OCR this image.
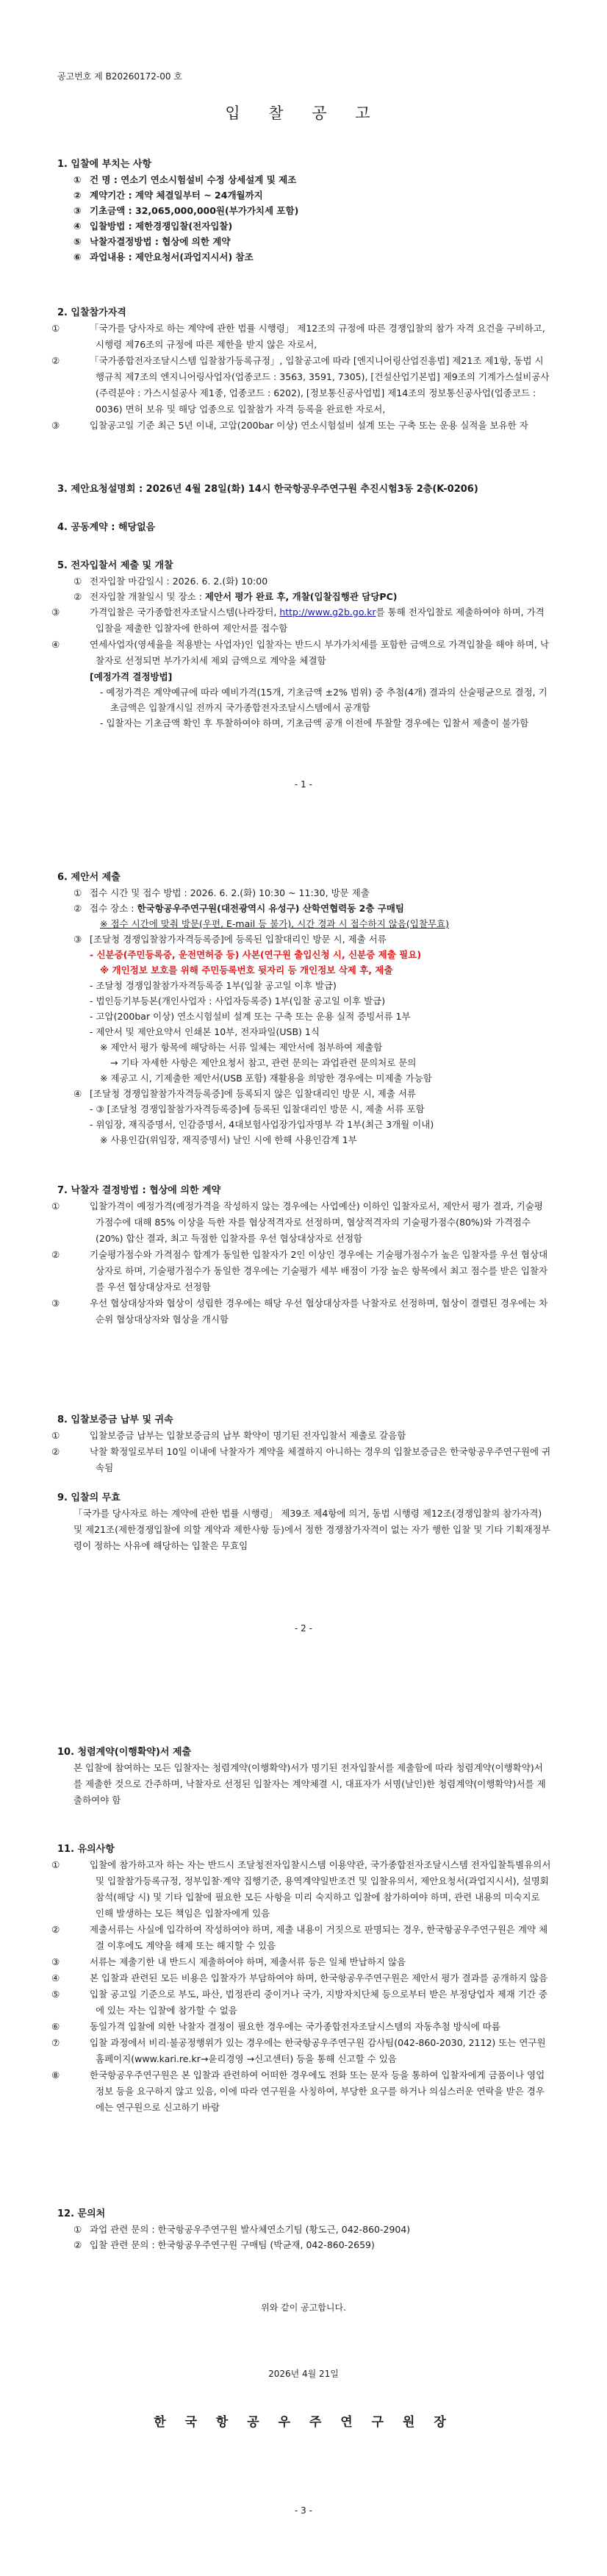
공고번호 제 B20260172-00 호
입 찰 공 고

1. 입찰에 부치는 사항

① 건 명 : 연소기 연소시험설비 수정 상세설계 및 제조

② 계약기간 : 계약 체결일부터 ~ 24개월까지

③ 기초금액 : 32,065,000,000원(부가가치세 포함)

④ 입찰방법 : 제한경쟁입찰(전자입찰)

⑤ 낙찰자결정방법 : 협상에 의한 계약

⑥ 과업내용 : 제안요청서(과업지시서) 참조

2. 입찰참가자격

①	「국가를 당사자로 하는 계약에 관한 법률 시행령」 제12조의 규정에 따른 경쟁입찰의 참가 자격 요건을 구비하고, 시행령 제76조의 규정에 따른 제한을 받지 않은 자로서,

②	「국가종합전자조달시스템 입찰참가등록규정」, 입찰공고에 따라 [엔지니어링산업진흥법] 제21조 제1항, 동법 시행규칙 제7조의 엔지니어링사업자(업종코드 : 3563, 3591, 7305), [건설산업기본법] 제9조의 기계가스설비공사(주력분야 : 가스시설공사 제1종, 업종코드 : 6202), [정보통신공사업법] 제14조의 정보통신공사업(업종코드 : 0036) 면허 보유 및 해당 업종으로 입찰참가 자격 등록을 완료한 자로서,

③	입찰공고일 기준 최근 5년 이내, 고압(200bar 이상) 연소시험설비 설계 또는 구축 또는 운용 실적을 보유한 자

3. 제안요청설명회 : 2026년 4월 28일(화) 14시 한국항공우주연구원 추진시험3동 2층(K-0206)

4. 공동계약 : 해당없음

5. 전자입찰서 제출 및 개찰

① 전자입찰 마감일시 : 2026. 6. 2.(화) 10:00

② 전자입찰 개찰일시 및 장소 : 제안서 평가 완료 후, 개찰(입찰집행관 담당PC)

③	가격입찰은 국가종합전자조달시스템(나라장터, http://www.g2b.go.kr를 통해 전자입찰로 제출하여야 하며, 가격입찰을 제출한 입찰자에 한하여 제안서를 접수함

④	연세사업자(영세율을 적용받는 사업자)인 입찰자는 반드시 부가가치세를 포함한 금액으로 가격입찰을 해야 하며, 낙찰자로 선정되면 부가가치세 제외 금액으로 계약을 체결함

[예정가격 결정방법]

- 예정가격은 계약예규에 따라 예비가격(15개, 기초금액 ±2% 범위) 중 추첨(4개) 결과의 산술평균으로 결정, 기초금액은 입찰개시일 전까지 국가종합전자조달시스템에서 공개함

- 입찰자는 기초금액 확인 후 투찰하여야 하며, 기초금액 공개 이전에 투찰할 경우에는 입찰서 제출이 불가함

- 1 -

6. 제안서 제출

① 접수 시간 및 접수 방법 : 2026. 6. 2.(화) 10:30 ~ 11:30, 방문 제출

② 접수 장소 : 한국항공우주연구원(대전광역시 유성구) 산학연협력동 2층 구매팀

※ 접수 시간에 맞춰 방문(우편, E-mail 등 불가), 시간 경과 시 접수하지 않음(입찰무효)

③ [조달청 경쟁입찰참가자격등록증]에 등록된 입찰대리인 방문 시, 제출 서류

- 신분증(주민등록증, 운전면허증 등) 사본(연구원 출입신청 시, 신분증 제출 필요)

※ 개인정보 보호를 위해 주민등록번호 뒷자리 등 개인정보 삭제 후, 제출

- 조달청 경쟁입찰참가자격등록증 1부(입찰 공고일 이후 발급)

- 법인등기부등본(개인사업자 : 사업자등록증) 1부(입찰 공고일 이후 발급)

- 고압(200bar 이상) 연소시험설비 설계 또는 구축 또는 운용 실적 증빙서류 1부

- 제안서 및 제안요약서 인쇄본 10부, 전자파일(USB) 1식

※ 제안서 평가 항목에 해당하는 서류 일체는 제안서에 첨부하여 제출함

→ 기타 자세한 사항은 제안요청서 참고, 관련 문의는 과업관련 문의처로 문의

※ 제공고 시, 기제출한 제안서(USB 포함) 재활용을 희망한 경우에는 미제출 가능함

④ [조달청 경쟁입찰참가자격등록증]에 등록되지 않은 입찰대리인 방문 시, 제출 서류

- ③ [조달청 경쟁입찰참가자격등록증]에 등록된 입찰대리인 방문 시, 제출 서류 포함

- 위임장, 재직증명서, 인감증명서, 4대보험사업장가입자명부 각 1부(최근 3개월 이내)

※ 사용인감(위임장, 재직증명서) 날인 시에 한해 사용인감계 1부

7. 낙찰자 결정방법 : 협상에 의한 계약

①	입찰가격이 예정가격(예정가격을 작성하지 않는 경우에는 사업예산) 이하인 입찰자로서, 제안서 평가 결과, 기술평가점수에 대해 85% 이상을 득한 자를 협상적격자로 선정하며, 협상적격자의 기술평가점수(80%)와 가격점수(20%) 합산 결과, 최고 득점한 입찰자를 우선 협상대상자로 선정함

②	기술평가점수와 가격점수 합계가 동일한 입찰자가 2인 이상인 경우에는 기술평가점수가 높은 입찰자를 우선 협상대상자로 하며, 기술평가점수가 동일한 경우에는 기술평가 세부 배점이 가장 높은 항목에서 최고 점수를 받은 입찰자를 우선 협상대상자로 선정함

③	우선 협상대상자와 협상이 성립한 경우에는 해당 우선 협상대상자를 낙찰자로 선정하며, 협상이 결렬된 경우에는 차순위 협상대상자와 협상을 개시함

8. 입찰보증금 납부 및 귀속

①	입찰보증금 납부는 입찰보증금의 납부 확약이 명기된 전자입찰서 제출로 갈음함

②	낙찰 확정일로부터 10일 이내에 낙찰자가 계약을 체결하지 아니하는 경우의 입찰보증금은 한국항공우주연구원에 귀속됨

9. 입찰의 무효

「국가를 당사자로 하는 계약에 관한 법률 시행령」 제39조 제4항에 의거, 동법 시행령 제12조(경쟁입찰의 참가자격) 및 제21조(제한경쟁입찰에 의할 계약과 제한사항 등)에서 정한 경쟁참가자격이 없는 자가 행한 입찰 및 기타 기획재정부령이 정하는 사유에 해당하는 입찰은 무효임

- 2 -

10. 청렴계약(이행확약)서 제출

본 입찰에 참여하는 모든 입찰자는 청렴계약(이행확약)서가 명기된 전자입찰서를 제출함에 따라 청렴계약(이행확약)서를 제출한 것으로 간주하며, 낙찰자로 선정된 입찰자는 계약체결 시, 대표자가 서명(날인)한 청렴계약(이행확약)서를 제출하여야 함

11. 유의사항

①	입찰에 참가하고자 하는 자는 반드시 조달청전자입찰시스템 이용약관, 국가종합전자조달시스템 전자입찰특별유의서 및 입찰참가등록규정, 정부입찰·계약 집행기준, 용역계약일반조건 및 입찰유의서, 제안요청서(과업지시서), 설명회 참석(해당 시) 및 기타 입찰에 필요한 모든 사항을 미리 숙지하고 입찰에 참가하여야 하며, 관련 내용의 미숙지로 인해 발생하는 모든 책임은 입찰자에게 있음

②	제출서류는 사실에 입각하여 작성하여야 하며, 제출 내용이 거짓으로 판명되는 경우, 한국항공우주연구원은 계약 체결 이후에도 계약을 해제 또는 해지할 수 있음

③	서류는 제출기한 내 반드시 제출하여야 하며, 제출서류 등은 일체 반납하지 않음

④	본 입찰과 관련된 모든 비용은 입찰자가 부담하여야 하며, 한국항공우주연구원은 제안서 평가 결과를 공개하지 않음

⑤	입찰 공고일 기준으로 부도, 파산, 법정관리 중이거나 국가, 지방자치단체 등으로부터 받은 부정당업자 제재 기간 중에 있는 자는 입찰에 참가할 수 없음

⑥	동일가격 입찰에 의한 낙찰자 결정이 필요한 경우에는 국가종합전자조달시스템의 자동추첨 방식에 따름

⑦	입찰 과정에서 비리·불공정행위가 있는 경우에는 한국항공우주연구원 감사팀(042-860-2030, 2112) 또는 연구원 홈페이지(www.kari.re.kr→윤리경영 →신고센터) 등을 통해 신고할 수 있음

⑧	한국항공우주연구원은 본 입찰과 관련하여 어떠한 경우에도 전화 또는 문자 등을 통하여 입찰자에게 금품이나 영업 정보 등을 요구하지 않고 있음, 이에 따라 연구원을 사칭하여, 부당한 요구를 하거나 의심스러운 연락을 받은 경우에는 연구원으로 신고하기 바람

12. 문의처

① 과업 관련 문의 : 한국항공우주연구원 발사체연소기팀 (황도근, 042-860-2904)

② 입찰 관련 문의 : 한국항공우주연구원 구매팀 (박균재, 042-860-2659)

위와 같이 공고합니다.
2026년 4월 21일
한 국 항 공 우 주 연 구 원 장
- 3 -
